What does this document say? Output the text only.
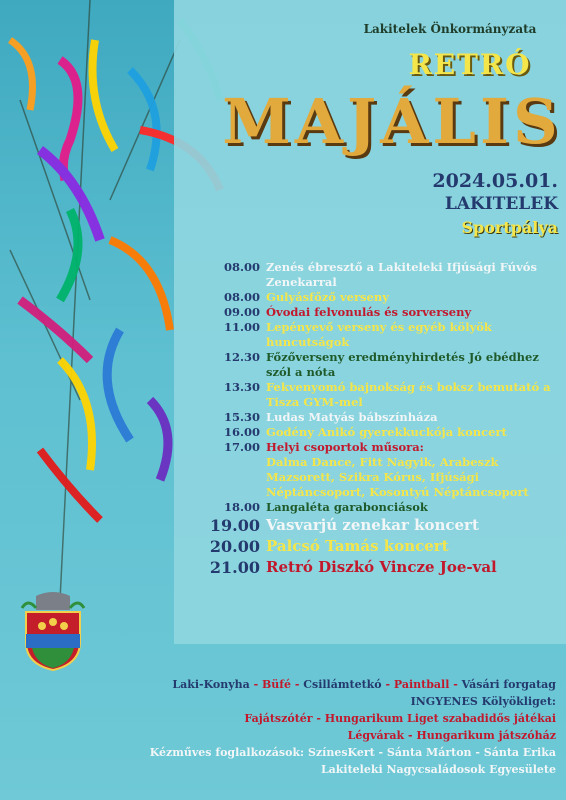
Lakitelek Önkormányzata
RETRÓ
MAJÁLIS
2024.05.01.
LAKITELEK
Sportpálya
08.00 Zenés ébresztő a Lakiteleki Ifjúsági Fúvós Zenekarral
08.00 Gulyásfőző verseny
09.00 Óvodai felvonulás és sorverseny
11.00 Lepényevő verseny és egyéb kölyök huncutságok
12.30 Főzőverseny eredményhirdetés Jó ebédhez szól a nóta
13.30 Fekvenyomó bajnokság és boksz bemutató a Tisza GYM-mel
15.30 Ludas Matyás bábszínháza
16.00 Godény Anikó gyerekkuckója koncert
17.00 Helyi csoportok műsora:
Dalma Dance, Fitt Nagyik, Arabeszk Mazsorett, Szikra Kórus, Ifjúsági Néptáncsoport, Kosontyú Néptáncsoport
18.00 Langaléta garabonciások
19.00 Vasvarjú zenekar koncert
20.00 Palcsó Tamás koncert
21.00 Retró Diszkó Vincze Joe-val
Laki-Konyha - Büfé - Csillámtetkó - Paintball - Vásári forgatag
INGYENES Kölyökliget:
Fajátszótér - Hungarikum Liget szabadidős játékai
Légvárak - Hungarikum játszóház
Kézműves foglalkozások: SzínesKert - Sánta Márton - Sánta Erika
Lakiteleki Nagycsaládosok Egyesülete
